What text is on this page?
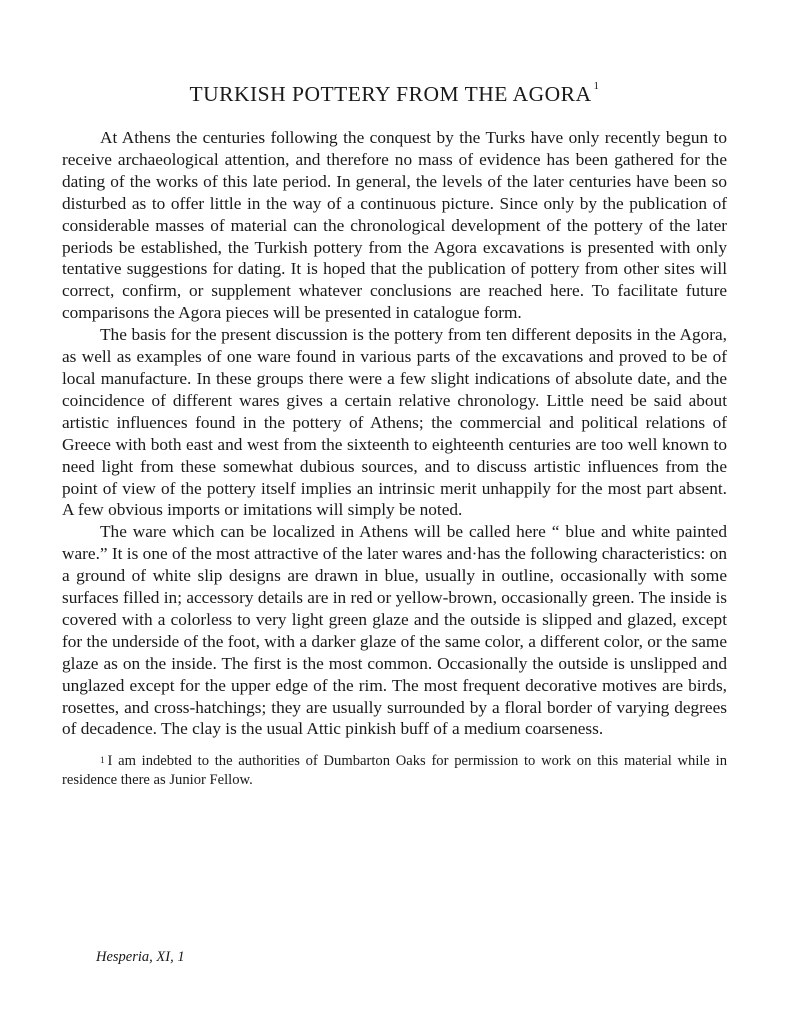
TURKISH POTTERY FROM THE AGORA $^1$

At Athens the centuries following the conquest by the Turks have only recently begun to receive archaeological attention, and therefore no mass of evidence has been gathered for the dating of the works of this late period. In general, the levels of the later centuries have been so disturbed as to offer little in the way of a continuous picture. Since only by the publication of considerable masses of material can the chronological development of the pottery of the later periods be established, the Turkish pottery from the Agora excavations is presented with only tentative suggestions for dating. It is hoped that the publication of pottery from other sites will correct, confirm, or supplement whatever conclusions are reached here. To facilitate future comparisons the Agora pieces will be presented in catalogue form.

The basis for the present discussion is the pottery from ten different deposits in the Agora, as well as examples of one ware found in various parts of the excavations and proved to be of local manufacture. In these groups there were a few slight indications of absolute date, and the coincidence of different wares gives a certain relative chronology. Little need be said about artistic influences found in the pottery of Athens; the commercial and political relations of Greece with both east and west from the sixteenth to eighteenth centuries are too well known to need light from these somewhat dubious sources, and to discuss artistic influences from the point of view of the pottery itself implies an intrinsic merit unhappily for the most part absent. A few obvious imports or imitations will simply be noted.

The ware which can be localized in Athens will be called here “ blue and white painted ware.” It is one of the most attractive of the later wares and·has the following characteristics: on a ground of white slip designs are drawn in blue, usually in outline, occasionally with some surfaces filled in; accessory details are in red or yellow-brown, occasionally green. The inside is covered with a colorless to very light green glaze and the outside is slipped and glazed, except for the underside of the foot, with a darker glaze of the same color, a different color, or the same glaze as on the inside. The first is the most common. Occasionally the outside is unslipped and unglazed except for the upper edge of the rim. The most frequent decorative motives are birds, rosettes, and cross-hatchings; they are usually surrounded by a floral border of varying degrees of decadence. The clay is the usual Attic pinkish buff of a medium coarseness.

$^1$ I am indebted to the authorities of Dumbarton Oaks for permission to work on this material while in residence there as Junior Fellow.
Hesperia, XI, 1
